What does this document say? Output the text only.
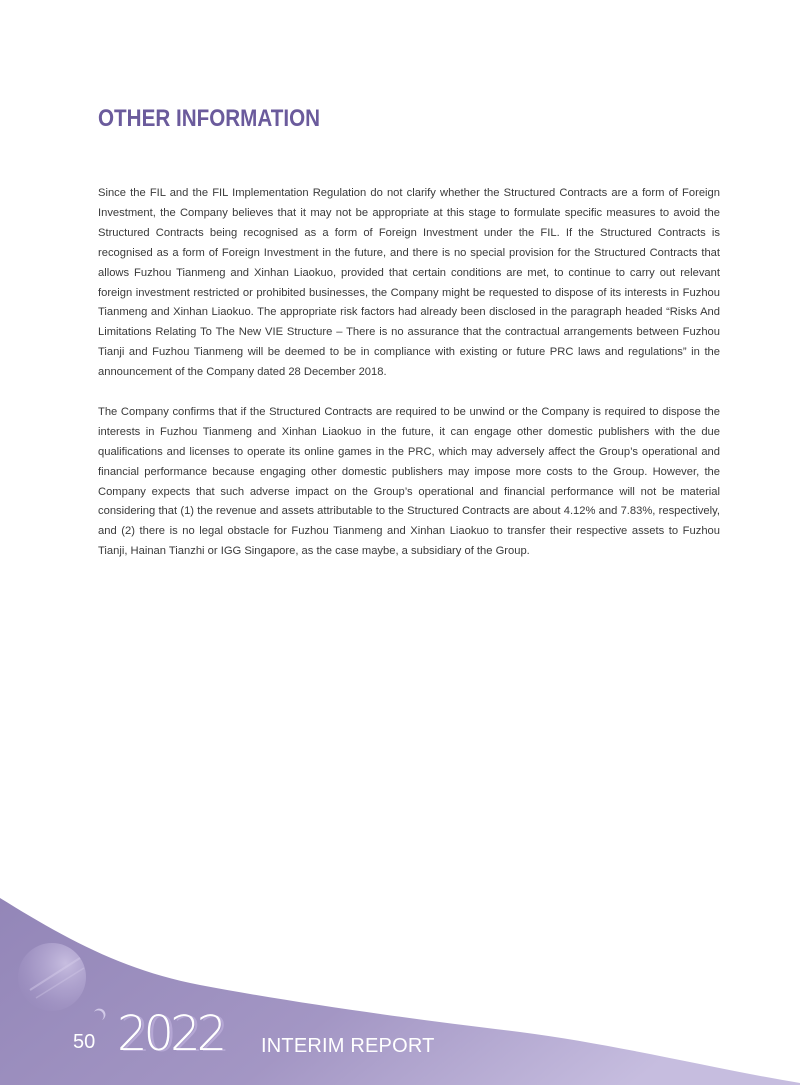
OTHER INFORMATION

Since the FIL and the FIL Implementation Regulation do not clarify whether the Structured Contracts are a form of Foreign Investment, the Company believes that it may not be appropriate at this stage to formulate specific measures to avoid the Structured Contracts being recognised as a form of Foreign Investment under the FIL. If the Structured Contracts is recognised as a form of Foreign Investment in the future, and there is no special provision for the Structured Contracts that allows Fuzhou Tianmeng and Xinhan Liaokuo, provided that certain conditions are met, to continue to carry out relevant foreign investment restricted or prohibited businesses, the Company might be requested to dispose of its interests in Fuzhou Tianmeng and Xinhan Liaokuo. The appropriate risk factors had already been disclosed in the paragraph headed “Risks And Limitations Relating To The New VIE Structure – There is no assurance that the contractual arrangements between Fuzhou Tianji and Fuzhou Tianmeng will be deemed to be in compliance with existing or future PRC laws and regulations” in the announcement of the Company dated 28 December 2018.

The Company confirms that if the Structured Contracts are required to be unwind or the Company is required to dispose the interests in Fuzhou Tianmeng and Xinhan Liaokuo in the future, it can engage other domestic publishers with the due qualifications and licenses to operate its online games in the PRC, which may adversely affect the Group’s operational and financial performance because engaging other domestic publishers may impose more costs to the Group. However, the Company expects that such adverse impact on the Group’s operational and financial performance will not be material considering that (1) the revenue and assets attributable to the Structured Contracts are about 4.12% and 7.83%, respectively, and (2) there is no legal obstacle for Fuzhou Tianmeng and Xinhan Liaokuo to transfer their respective assets to Fuzhou Tianji, Hainan Tianzhi or IGG Singapore, as the case maybe, a subsidiary of the Group.

50 2022 INTERIM REPORT
